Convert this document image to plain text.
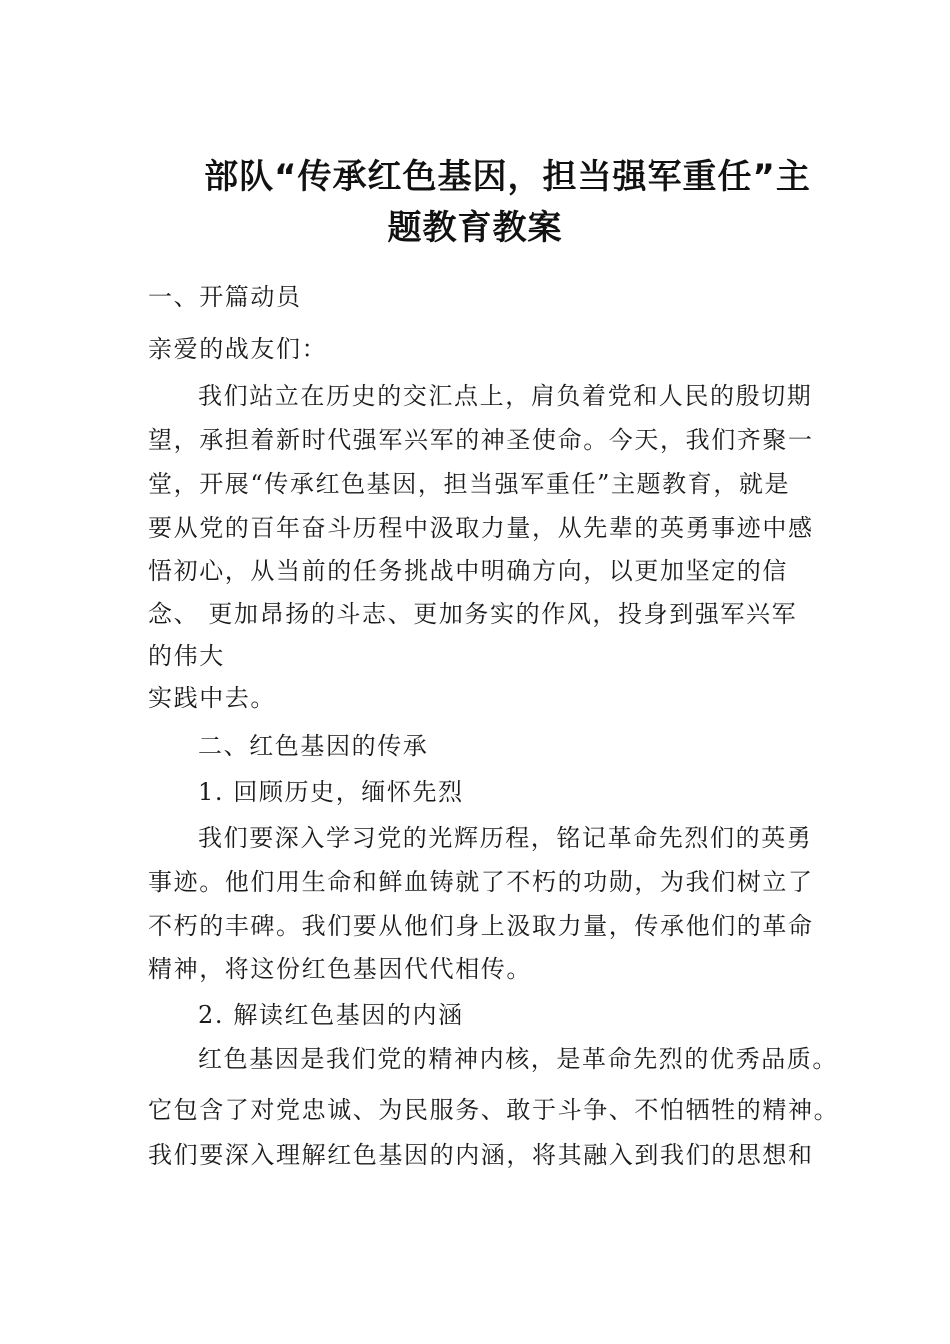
部队“传承红色基因，担当强军重任”主
题教育教案
一、开篇动员
亲爱的战友们：
我们站立在历史的交汇点上，肩负着党和人民的殷切期
望，承担着新时代强军兴军的神圣使命。今天，我们齐聚一
堂，开展“传承红色基因，担当强军重任”主题教育，就是
要从党的百年奋斗历程中汲取力量，从先辈的英勇事迹中感
悟初心，从当前的任务挑战中明确方向，以更加坚定的信
念、 更加昂扬的斗志、更加务实的作风，投身到强军兴军
的伟大
实践中去。
二、红色基因的传承
1. 回顾历史，缅怀先烈
我们要深入学习党的光辉历程，铭记革命先烈们的英勇
事迹。他们用生命和鲜血铸就了不朽的功勋，为我们树立了
不朽的丰碑。我们要从他们身上汲取力量，传承他们的革命
精神，将这份红色基因代代相传。
2. 解读红色基因的内涵
红色基因是我们党的精神内核，是革命先烈的优秀品质。
它包含了对党忠诚、为民服务、敢于斗争、不怕牺牲的精神。
我们要深入理解红色基因的内涵，将其融入到我们的思想和
